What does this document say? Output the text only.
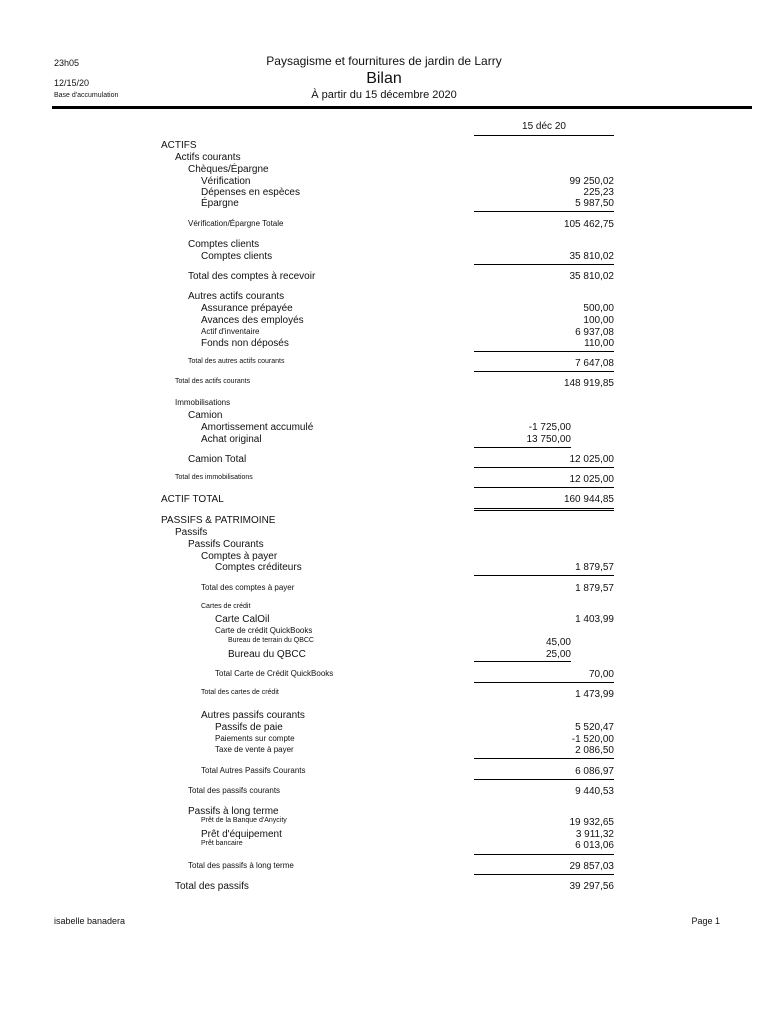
23h05
12/15/20
Base d'accumulation
Paysagisme et fournitures de jardin de Larry
Bilan
À partir du 15 décembre 2020
15 déc 20
ACTIFS
Actifs courants
Chèques/Épargne
Vérification	99 250,02
Dépenses en espèces	225,23
Épargne	5 987,50
Vérification/Épargne Totale	105 462,75
Comptes clients
Comptes clients	35 810,02
Total des comptes à recevoir	35 810,02
Autres actifs courants
Assurance prépayée	500,00
Avances des employés	100,00
Actif d'inventaire	6 937,08
Fonds non déposés	110,00
Total des autres actifs courants	7 647,08
Total des actifs courants	148 919,85
Immobilisations
Camion
Amortissement accumulé	-1 725,00
Achat original	13 750,00
Camion Total	12 025,00
Total des immobilisations	12 025,00
ACTIF TOTAL	160 944,85
PASSIFS & PATRIMOINE
Passifs
Passifs Courants
Comptes à payer
Comptes créditeurs	1 879,57
Total des comptes à payer	1 879,57
Cartes de crédit
Carte CalOil	1 403,99
Carte de crédit QuickBooks
Bureau de terrain du QBCC	45,00
Bureau du QBCC	25,00
Total Carte de Crédit QuickBooks	70,00
Total des cartes de crédit	1 473,99
Autres passifs courants
Passifs de paie	5 520,47
Paiements sur compte	-1 520,00
Taxe de vente à payer	2 086,50
Total Autres Passifs Courants	6 086,97
Total des passifs courants	9 440,53
Passifs à long terme
Prêt de la Banque d'Anycity	19 932,65
Prêt d'équipement	3 911,32
Prêt bancaire	6 013,06
Total des passifs à long terme	29 857,03
Total des passifs	39 297,56
isabelle banadera	Page 1
